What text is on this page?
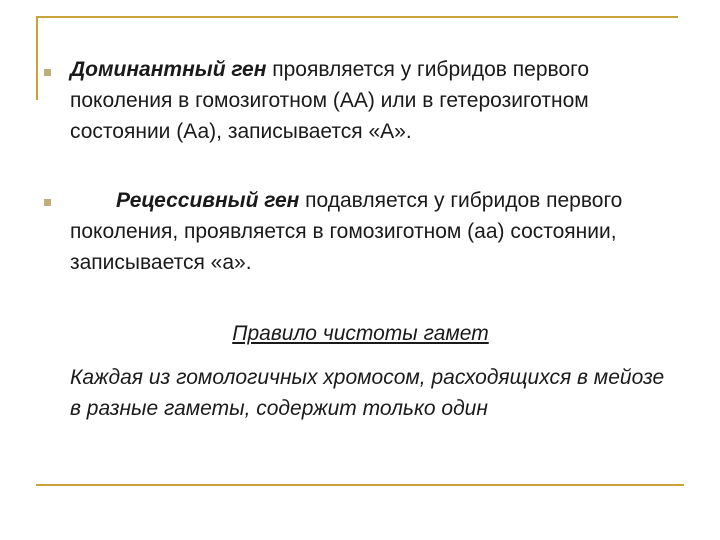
Доминантный ген проявляется у гибридов первого поколения в гомозиготном (АА) или в гетерозиготном состоянии (Аа), записывается «А».
Рецессивный ген подавляется у гибридов первого поколения, проявляется в гомозиготном (аа) состоянии, записывается «а».
Правило чистоты гамет
Каждая из гомологичных хромосом, расходящихся в мейозе в разные гаметы, содержит только один
